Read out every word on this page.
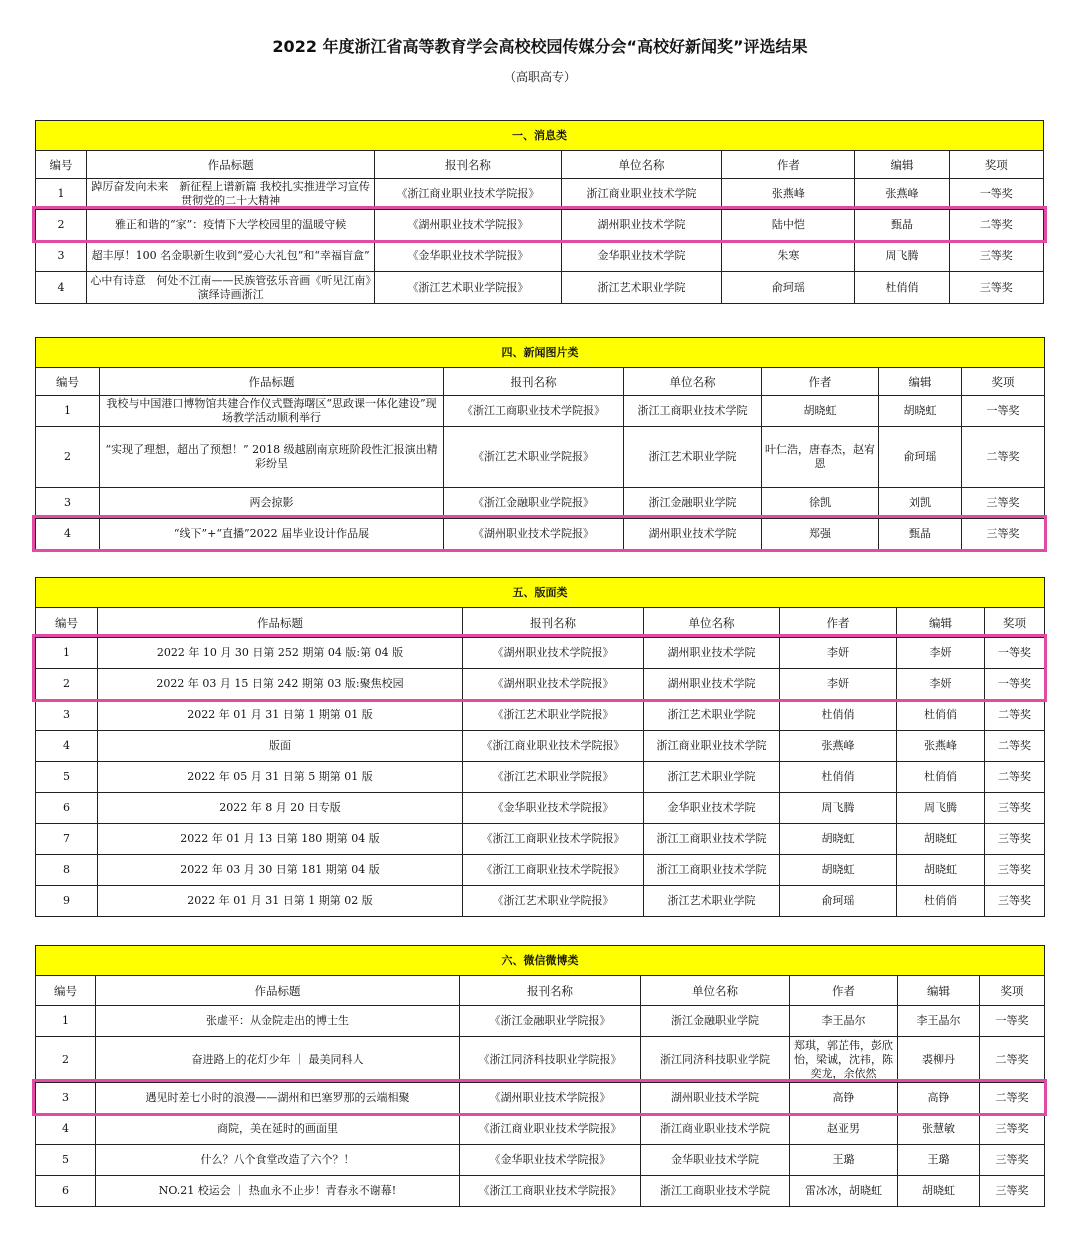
2022 年度浙江省高等教育学会高校校园传媒分会“高校好新闻奖”评选结果
（高职高专）
一、消息类						
编号	作品标题	报刊名称	单位名称	作者	编辑	奖项
1	踔厉奋发向未来　新征程上谱新篇 我校扎实推进学习宣传贯彻党的二十大精神	《浙江商业职业技术学院报》	浙江商业职业技术学院	张燕峰	张燕峰	一等奖
2	雅正和谐的“家”：疫情下大学校园里的温暖守候	《湖州职业技术学院报》	湖州职业技术学院	陆中恺	甄晶	二等奖
3	超丰厚！100 名金职新生收到“爱心大礼包”和“幸福盲盒”	《金华职业技术学院报》	金华职业技术学院	朱寒	周飞腾	三等奖
4	心中有诗意　何处不江南——民族管弦乐音画《听见江南》演绎诗画浙江	《浙江艺术职业学院报》	浙江艺术职业学院	俞珂瑶	杜俏俏	三等奖
四、新闻图片类						
编号	作品标题	报刊名称	单位名称	作者	编辑	奖项
1	我校与中国港口博物馆共建合作仪式暨海曙区“思政课一体化建设”现场教学活动顺利举行	《浙江工商职业技术学院报》	浙江工商职业技术学院	胡晓虹	胡晓虹	一等奖
2	“实现了理想，超出了预想！” 2018 级越剧南京班阶段性汇报演出精彩纷呈	《浙江艺术职业学院报》	浙江艺术职业学院	叶仁浩，唐春杰，赵宥恩	俞珂瑶	二等奖
3	两会掠影	《浙江金融职业学院报》	浙江金融职业学院	徐凯	刘凯	三等奖
4	“线下”+“直播”2022 届毕业设计作品展	《湖州职业技术学院报》	湖州职业技术学院	郑强	甄晶	三等奖
五、版面类						
编号	作品标题	报刊名称	单位名称	作者	编辑	奖项
1	2022 年 10 月 30 日第 252 期第 04 版:第 04 版	《湖州职业技术学院报》	湖州职业技术学院	李妍	李妍	一等奖
2	2022 年 03 月 15 日第 242 期第 03 版:聚焦校园	《湖州职业技术学院报》	湖州职业技术学院	李妍	李妍	一等奖
3	2022 年 01 月 31 日第 1 期第 01 版	《浙江艺术职业学院报》	浙江艺术职业学院	杜俏俏	杜俏俏	二等奖
4	版面	《浙江商业职业技术学院报》	浙江商业职业技术学院	张燕峰	张燕峰	二等奖
5	2022 年 05 月 31 日第 5 期第 01 版	《浙江艺术职业学院报》	浙江艺术职业学院	杜俏俏	杜俏俏	二等奖
6	2022 年 8 月 20 日专版	《金华职业技术学院报》	金华职业技术学院	周飞腾	周飞腾	三等奖
7	2022 年 01 月 13 日第 180 期第 04 版	《浙江工商职业技术学院报》	浙江工商职业技术学院	胡晓虹	胡晓虹	三等奖
8	2022 年 03 月 30 日第 181 期第 04 版	《浙江工商职业技术学院报》	浙江工商职业技术学院	胡晓虹	胡晓虹	三等奖
9	2022 年 01 月 31 日第 1 期第 02 版	《浙江艺术职业学院报》	浙江艺术职业学院	俞珂瑶	杜俏俏	三等奖
六、微信微博类						
编号	作品标题	报刊名称	单位名称	作者	编辑	奖项
1	张虚平：从金院走出的博士生	《浙江金融职业学院报》	浙江金融职业学院	李王晶尔	李王晶尔	一等奖
2	奋进路上的花灯少年 ｜ 最美同科人	《浙江同济科技职业学院报》	浙江同济科技职业学院	郑琪，郭芷伟，彭欣怡，梁诚，沈祎，陈奕龙，余依然	裘柳丹	二等奖
3	遇见时差七小时的浪漫——湖州和巴塞罗那的云端相聚	《湖州职业技术学院报》	湖州职业技术学院	高铮	高铮	二等奖
4	商院，美在延时的画面里	《浙江商业职业技术学院报》	浙江商业职业技术学院	赵亚男	张慧敏	三等奖
5	什么？八个食堂改造了六个？！	《金华职业技术学院报》	金华职业技术学院	王璐	王璐	三等奖
6	NO.21 校运会 ｜ 热血永不止步！青春永不谢幕!	《浙江工商职业技术学院报》	浙江工商职业技术学院	雷冰冰，胡晓虹	胡晓虹	三等奖
